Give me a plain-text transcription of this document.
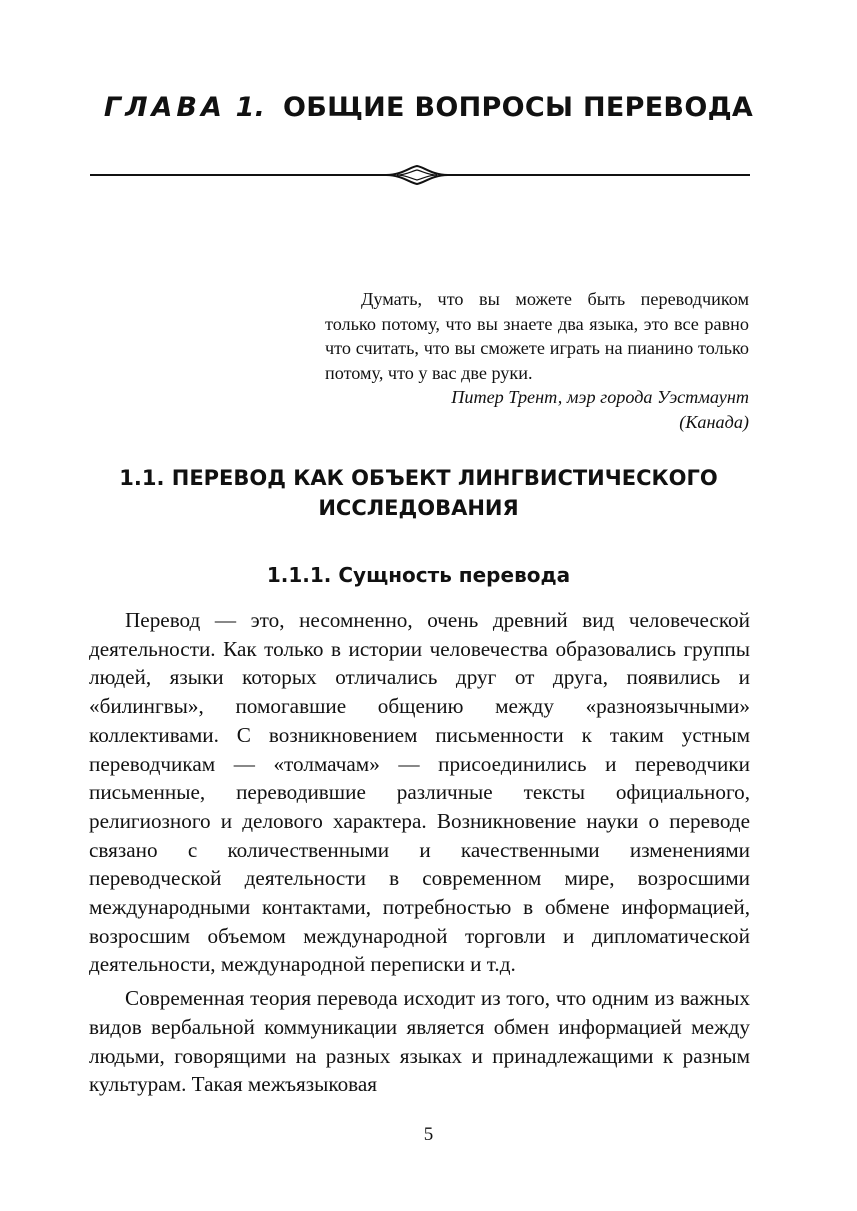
ГЛАВА 1. ОБЩИЕ ВОПРОСЫ ПЕРЕВОДА

Думать, что вы можете быть переводчиком только потому, что вы знаете два языка, это все равно что считать, что вы сможете играть на пианино только потому, что у вас две руки.

Питер Трент, мэр города Уэстмаунт

(Канада)

1.1. ПЕРЕВОД КАК ОБЪЕКТ ЛИНГВИСТИЧЕСКОГО
ИССЛЕДОВАНИЯ
1.1.1. Сущность перевода

Перевод — это, несомненно, очень древний вид человеческой деятельности. Как только в истории человечества образовались группы людей, языки которых отличались друг от друга, появились и «билингвы», помогавшие общению между «разноязычными» коллективами. С возникновением письменности к таким устным переводчикам — «толмачам» — присоединились и переводчики письменные, переводившие различные тексты официального, религиозного и делового характера. Возникновение науки о переводе связано с количественными и качественными изменениями переводческой деятельности в современном мире, возросшими международными контактами, потребностью в обмене информацией, возросшим объемом международной торговли и дипломатической деятельности, международной переписки и т.д.

Современная теория перевода исходит из того, что одним из важных видов вербальной коммуникации является обмен информацией между людьми, говорящими на разных языках и принадлежащими к разным культурам. Такая межъязыковая

5
